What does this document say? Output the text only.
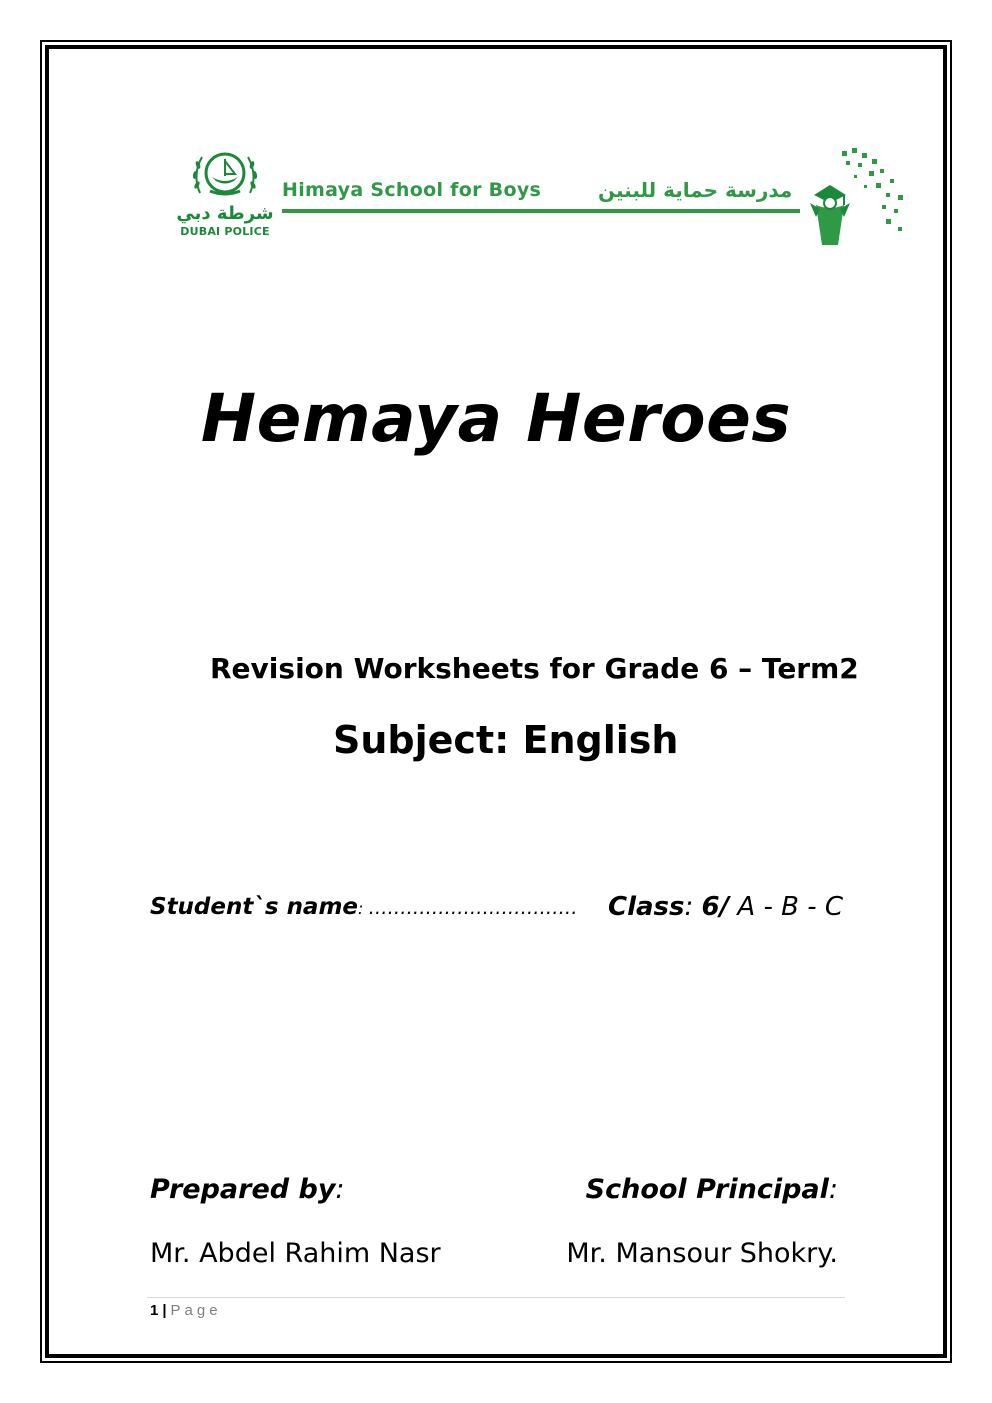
شرطة دبي
DUBAI POLICE
Himaya School for Boys	مدرسة حماية للبنين
Hemaya Heroes
Revision Worksheets for Grade 6 – Term2
Subject: English
Student`s name: …………………………… Class: 6/ A - B - C
Prepared by:	School Principal:
Mr. Abdel Rahim Nasr	Mr. Mansour Shokry.
1 | Page
